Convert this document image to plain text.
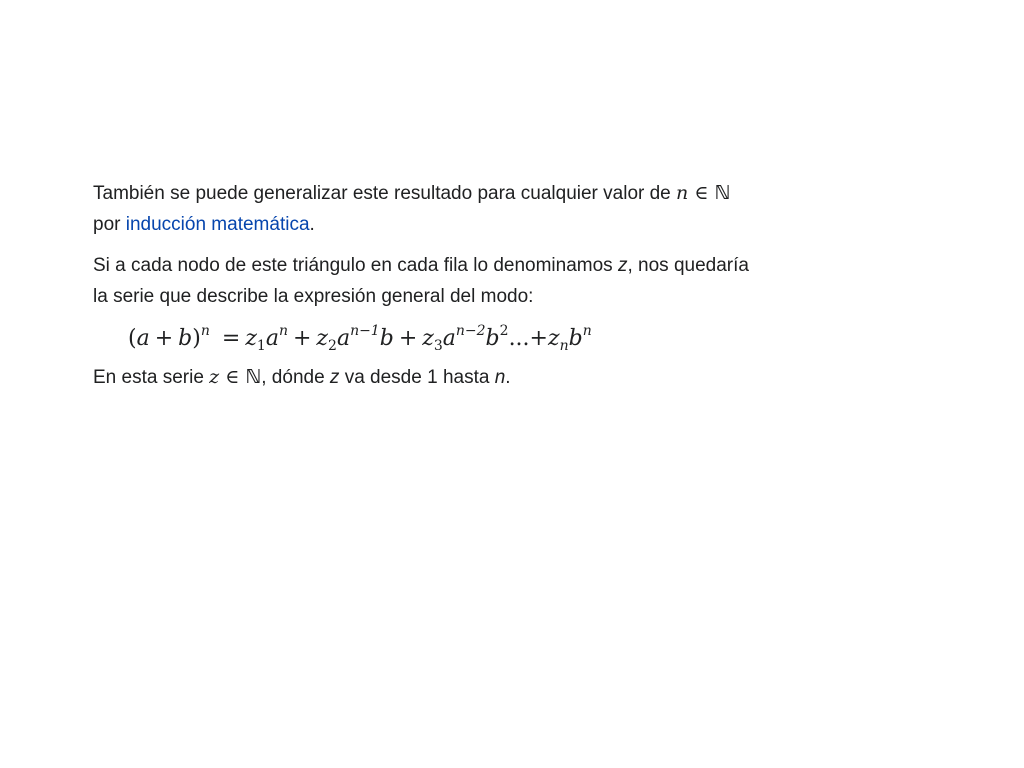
También se puede generalizar este resultado para cualquier valor de n ∈ ℕ
por inducción matemática.

Si a cada nodo de este triángulo en cada fila lo denominamos z, nos quedaría
la serie que describe la expresión general del modo:

$(a + b)^n = z_1a^n + z_2a^{n-1}b + z_3a^{n-2}b^2...+z_nb^n$

En esta serie z ∈ ℕ, dónde z va desde 1 hasta n.
